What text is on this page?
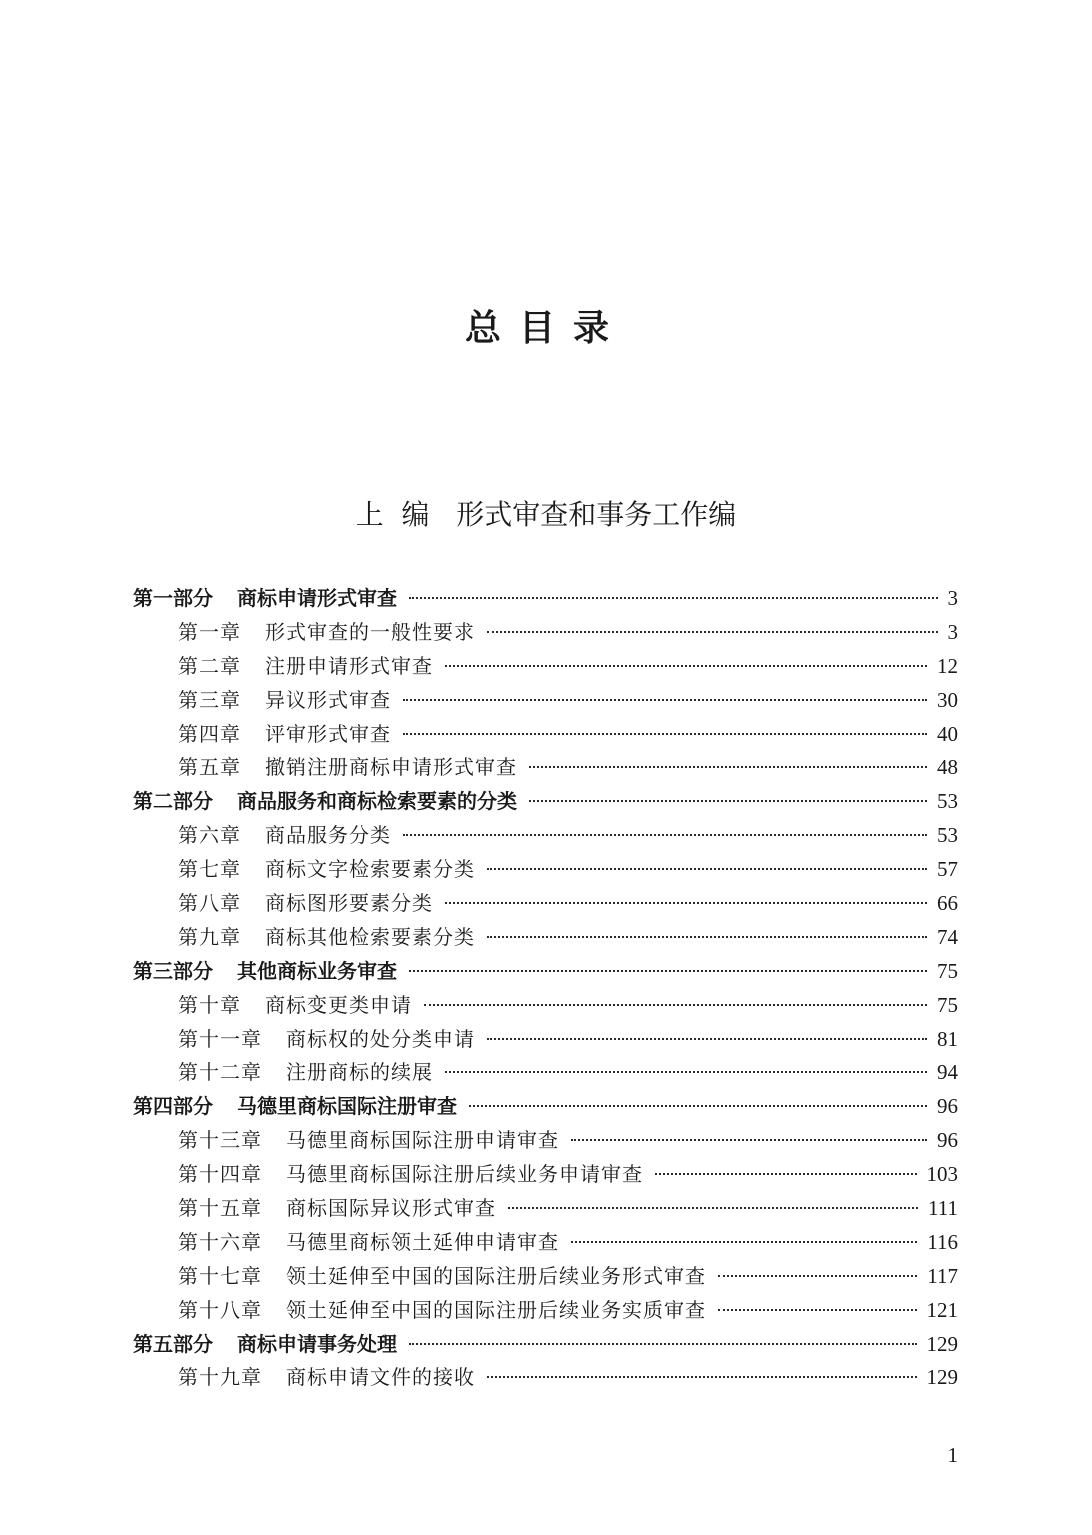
总目录
上  编   形式审查和事务工作编
第一部分 商标申请形式审查	3
第一章 形式审查的一般性要求	3
第二章 注册申请形式审查	12
第三章 异议形式审查	30
第四章 评审形式审查	40
第五章 撤销注册商标申请形式审查	48
第二部分 商品服务和商标检索要素的分类	53
第六章 商品服务分类	53
第七章 商标文字检索要素分类	57
第八章 商标图形要素分类	66
第九章 商标其他检索要素分类	74
第三部分 其他商标业务审查	75
第十章 商标变更类申请	75
第十一章 商标权的处分类申请	81
第十二章 注册商标的续展	94
第四部分 马德里商标国际注册审查	96
第十三章 马德里商标国际注册申请审查	96
第十四章 马德里商标国际注册后续业务申请审查	103
第十五章 商标国际异议形式审查	111
第十六章 马德里商标领土延伸申请审查	116
第十七章 领土延伸至中国的国际注册后续业务形式审查	117
第十八章 领土延伸至中国的国际注册后续业务实质审查	121
第五部分 商标申请事务处理	129
第十九章 商标申请文件的接收	129
1
